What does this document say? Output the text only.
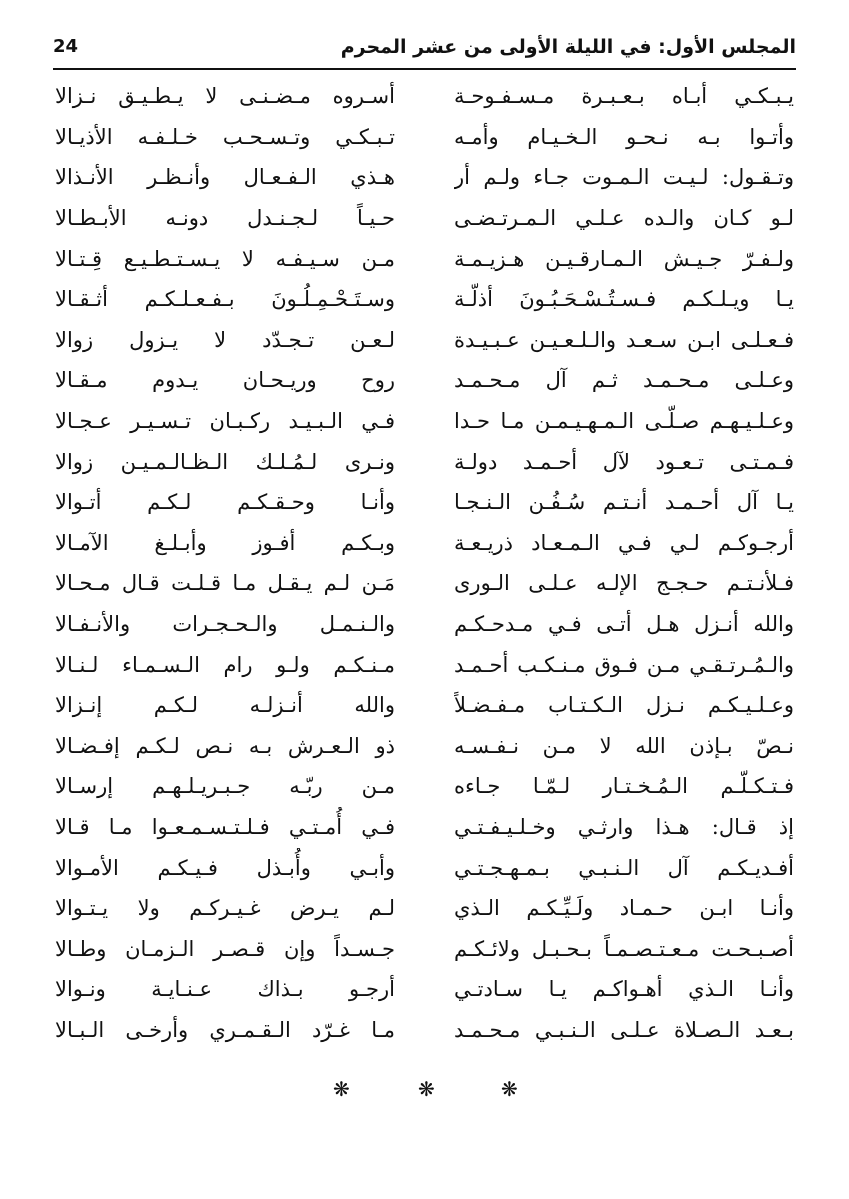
المجلس الأول: في الليلة الأولى من عشر المحرم
24
يـبـكـي أبـاه بـعـبـرة مـسـفـوحـة
أسـروه مـضـنـى لا يـطـيـق نـزالا
وأتـوا بـه نـحـو الـخـيـام وأمـه
تـبـكـي وتـسـحـب خـلـفـه الأذيـالا
وتـقـول: لـيـت الـمـوت جـاء ولـم أر
هـذي الـفـعـال وأنـظـر الأنـذالا
لـو كـان والـده عـلـي الـمـرتـضـى
حـيـاً لـجـنـدل دونـه الأبـطـالا
ولـفـرّ جـيـش الـمـارقـيـن هـزيـمـة
مـن سـيـفـه لا يـسـتـطـيـع قِـتـالا
يـا ويـلـكـم فـسـتُـسْـحَـبُـونَ أذلّـة
وسـتَـحْـمِـلُـونَ بـفـعـلـكـم أثـقـالا
فـعـلـى ابـن سـعـد والـلـعـيـن عـبـيـدة
لـعـن تـجـدّد لا يـزول زوالا
وعـلـى مـحـمـد ثـم آل مـحـمـد
روح وريـحـان يـدوم مـقـالا
وعـلـيـهـم صـلّـى الـمـهـيـمـن مـا حـدا
فـي الـبـيـد ركـبـان تـسـيـر عـجـالا
فـمـتـى تـعـود لآل أحـمـد دولـة
ونـرى لـمُـلـك الـظـالـمـيـن زوالا
يـا آل أحـمـد أنـتـم سُـفُـن الـنـجـا
وأنـا وحـقـكـم لـكـم أتـوالا
أرجـوكـم لـي فـي الـمـعـاد ذريـعـة
وبـكـم أفـوز وأبـلـغ الآمـالا
فـلأنـتـم حـجـج الإلـه عـلـى الـورى
مَـن لـم يـقـل مـا قـلـت قـال مـحـالا
والله أنـزل هـل أتـى فـي مـدحـكـم
والـنـمـل والـحـجـرات والأنـفـالا
والـمُـرتـقـي مـن فـوق مـنـكـب أحـمـد
مـنـكـم ولـو رام الـسـمـاء لـنـالا
وعـلـيـكـم نـزل الـكـتـاب مـفـضـلاً
والله أنـزلـه لـكـم إنـزالا
نـصّ بـإذن الله لا مـن نـفـسـه
ذو الـعـرش بـه نـص لـكـم إفـضـالا
فـتـكـلّـم الـمُـخـتـار لـمّـا جـاءه
مـن ربّـه جـبـريـلـهـم إرسـالا
إذ قـال: هـذا وارثـي وخـلـيـفـتـي
فـي أُمـتـي فـلـتـسـمـعـوا مـا قـالا
أفـديـكـم آل الـنـبـي بـمـهـجـتـي
وأبـي وأُبـذل فـيـكـم الأمـوالا
وأنـا ابـن حـمـاد ولَـيِّـكـم الـذي
لـم يـرض غـيـركـم ولا يـتـوالا
أصـبـحـت مـعـتـصـمـاً بـحـبـل ولائـكـم
جـسـداً وإن قـصـر الـزمـان وطـالا
وأنـا الـذي أهـواكـم يـا سـادتـي
أرجـو بـذاك عـنـايـة ونـوالا
بـعـد الـصـلاة عـلـى الـنـبـي مـحـمـد
مـا غـرّد الـقـمـري وأرخـى الـبـالا
❋	❋	❋
